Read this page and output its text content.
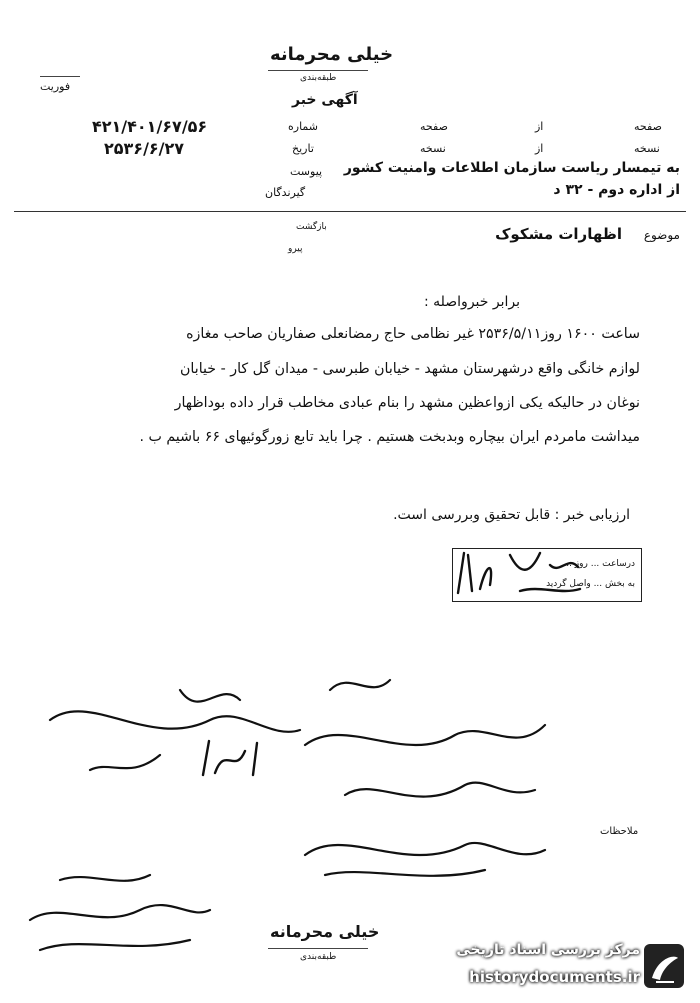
خیلی محرمانه
طبقه‌بندی
فوریت
آگهی خبر
صفحه
از
صفحه
شماره
۴۲۱/۴۰۱/۶۷/۵۶
نسخه
از
نسخه
تاریخ
۲۵۳۶/۶/۲۷
به تیمسار ریاست سازمان اطلاعات وامنیت کشور
پیوست
گیرندگان	از اداره دوم - ۳۲ د
بازگشت
پیرو
موضوع
اظهارات مشکوک
برابر خبرواصله :
ساعت ۱۶۰۰ روز۲۵۳۶/۵/۱۱ غیر نظامی حاج رمضانعلی صفاریان صاحب مغازه
لوازم خانگی واقع درشهرستان مشهد - خیابان طبرسی - میدان گل کار - خیابان
نوغان در حالیکه یکی ازواعظین مشهد را بنام عبادی مخاطب قرار داده بوداظهار
میداشت مامردم ایران بیچاره وبدبخت هستیم . چرا باید تابع زورگوئیهای ۶۶ باشیم ب .
ارزیابی خبر : قابل تحقیق وبررسی است.
درساعت ... روز ...
به بخش ... واصل گردید
ملاحظات
خیلی محرمانه
طبقه‌بندی	مرکز بررسی اسناد تاریخی
historydocuments.ir
